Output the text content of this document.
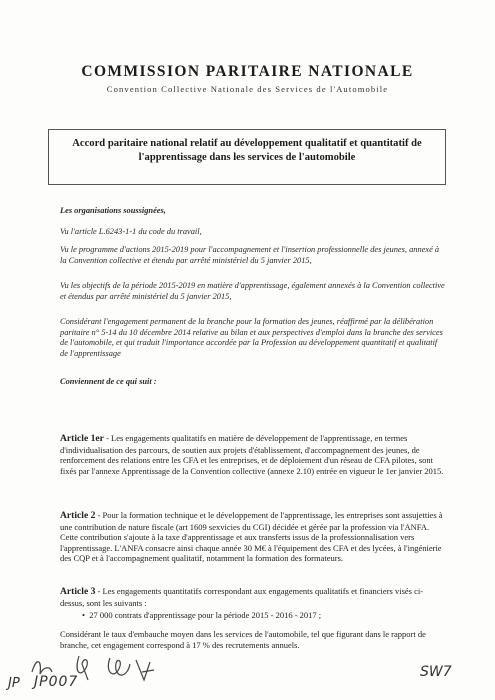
COMMISSION PARITAIRE NATIONALE
Convention Collective Nationale des Services de l'Automobile
Accord paritaire national relatif au développement qualitatif et quantitatif de l'apprentissage dans les services de l'automobile
Les organisations soussignées,
Vu l'article L.6243-1-1 du code du travail,
Vu le programme d'actions 2015-2019 pour l'accompagnement et l'insertion professionnelle des jeunes, annexé à la Convention collective et étendu par arrêté ministériel du 5 janvier 2015,
Vu les objectifs de la période 2015-2019 en matière d'apprentissage, également annexés à la Convention collective et étendus par arrêté ministériel du 5 janvier 2015,
Considérant l'engagement permanent de la branche pour la formation des jeunes, réaffirmé par la délibération paritaire n° 5-14 du 10 décembre 2014 relative au bilan et aux perspectives d'emploi dans la branche des services de l'automobile, et qui traduit l'importance accordée par la Profession au développement quantitatif et qualitatif de l'apprentissage
Conviennent de ce qui suit :
Article 1er - Les engagements qualitatifs en matière de développement de l'apprentissage, en termes d'individualisation des parcours, de soutien aux projets d'établissement, d'accompagnement des jeunes, de renforcement des relations entre les CFA et les entreprises, et de déploiement d'un réseau de CFA pilotes, sont fixés par l'annexe Apprentissage de la Convention collective (annexe 2.10) entrée en vigueur le 1er janvier 2015.
Article 2 - Pour la formation technique et le développement de l'apprentissage, les entreprises sont assujetties à une contribution de nature fiscale (art 1609 sexvicies du CGI) décidée et gérée par la profession via l'ANFA. Cette contribution s'ajoute à la taxe d'apprentissage et aux transferts issus de la professionnalisation vers l'apprentissage. L'ANFA consacre ainsi chaque année 30 M€ à l'équipement des CFA et des lycées, à l'ingénierie des CQP et à l'accompagnement qualitatif, notamment la formation des formateurs.
Article 3 - Les engagements quantitatifs correspondant aux engagements qualitatifs et financiers visés ci-dessus, sont les suivants :
•  27 000 contrats d'apprentissage pour la période 2015 - 2016 - 2017 ;
Considérant le taux d'embauche moyen dans les services de l'automobile, tel que figurant dans le rapport de branche, cet engagement correspond à 17 % des recrutements annuels.
JP JP007
SW7
